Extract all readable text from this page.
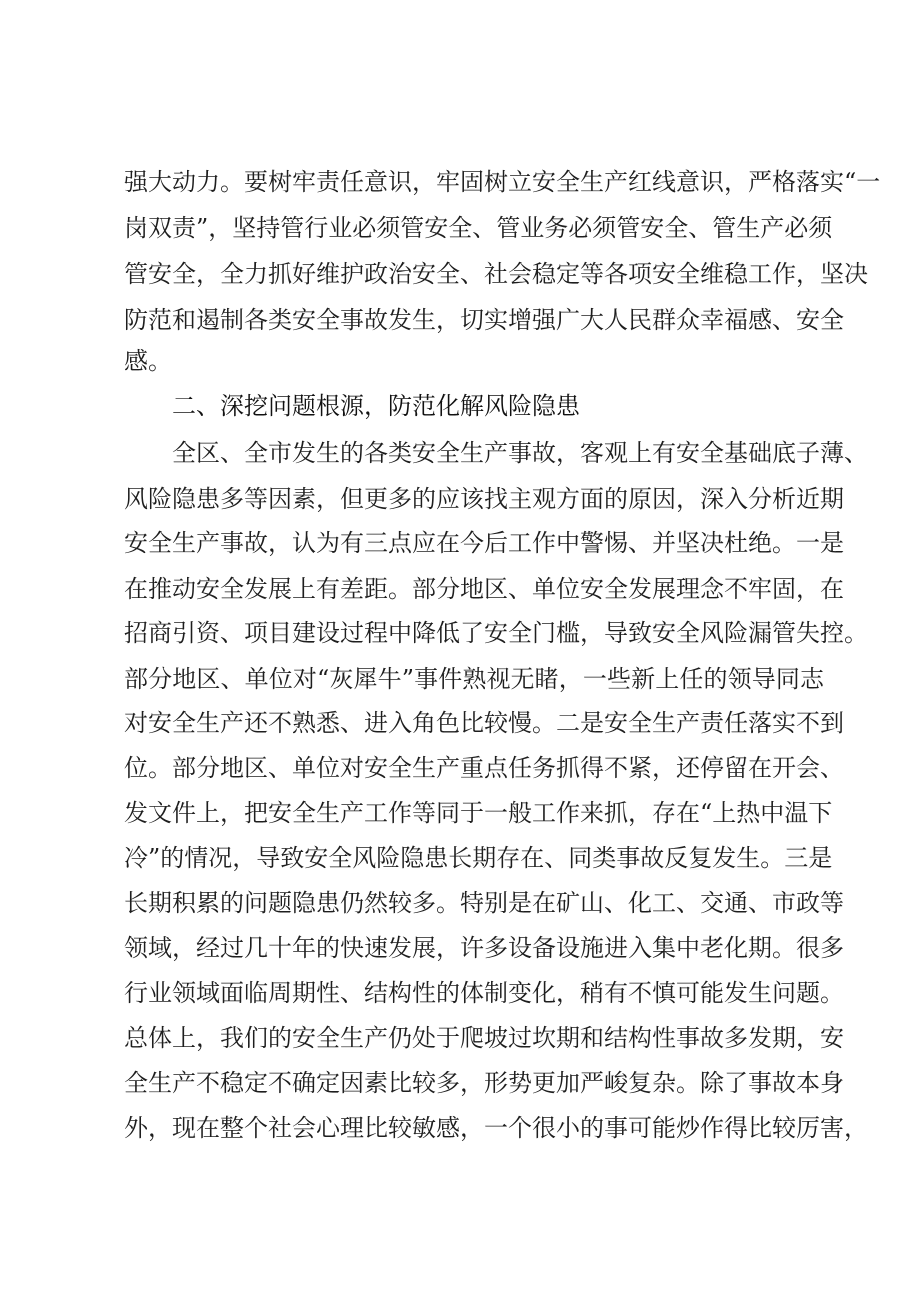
强大动力。要树牢责任意识，牢固树立安全生产红线意识，严格落实“一
岗双责”，坚持管行业必须管安全、管业务必须管安全、管生产必须
管安全，全力抓好维护政治安全、社会稳定等各项安全维稳工作，坚决
防范和遏制各类安全事故发生，切实增强广大人民群众幸福感、安全
感。
二、深挖问题根源，防范化解风险隐患
全区、全市发生的各类安全生产事故，客观上有安全基础底子薄、
风险隐患多等因素，但更多的应该找主观方面的原因，深入分析近期
安全生产事故，认为有三点应在今后工作中警惕、并坚决杜绝。一是
在推动安全发展上有差距。部分地区、单位安全发展理念不牢固，在
招商引资、项目建设过程中降低了安全门槛，导致安全风险漏管失控。
部分地区、单位对“灰犀牛”事件熟视无睹，一些新上任的领导同志
对安全生产还不熟悉、进入角色比较慢。二是安全生产责任落实不到
位。部分地区、单位对安全生产重点任务抓得不紧，还停留在开会、
发文件上，把安全生产工作等同于一般工作来抓，存在“上热中温下
冷”的情况，导致安全风险隐患长期存在、同类事故反复发生。三是
长期积累的问题隐患仍然较多。特别是在矿山、化工、交通、市政等
领域，经过几十年的快速发展，许多设备设施进入集中老化期。很多
行业领域面临周期性、结构性的体制变化，稍有不慎可能发生问题。
总体上，我们的安全生产仍处于爬坡过坎期和结构性事故多发期，安
全生产不稳定不确定因素比较多，形势更加严峻复杂。除了事故本身
外，现在整个社会心理比较敏感，一个很小的事可能炒作得比较厉害，
